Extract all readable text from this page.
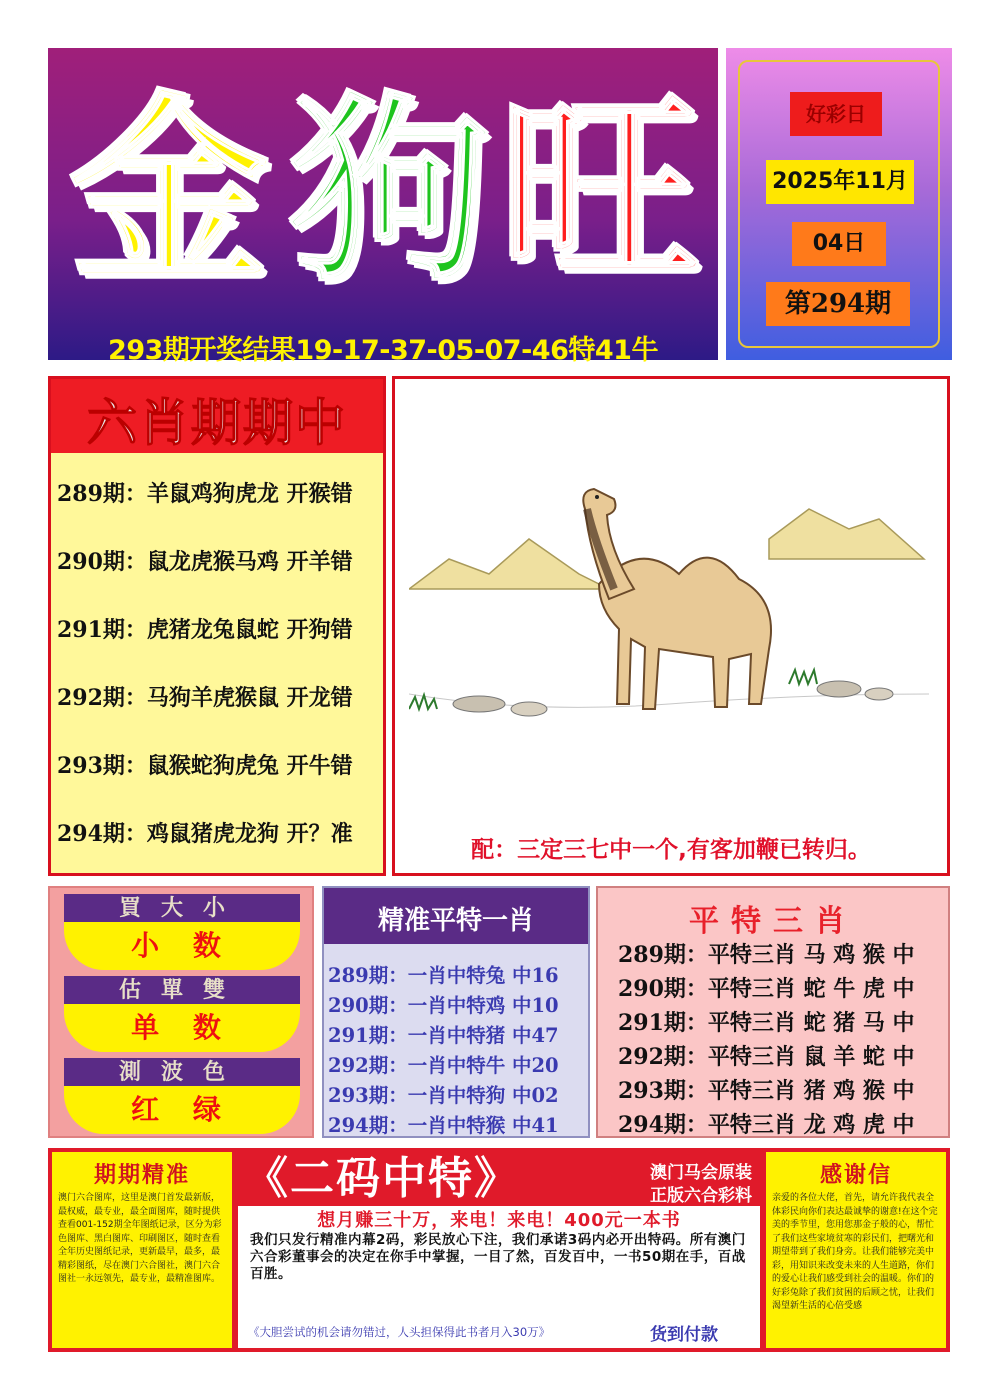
金 狗 旺
293期开奖结果19-17-37-05-07-46特41牛
好彩日
2025年11月
04日
第294期
六肖期期中
289期：羊鼠鸡狗虎龙 开猴错
290期：鼠龙虎猴马鸡 开羊错
291期：虎猪龙兔鼠蛇 开狗错
292期：马狗羊虎猴鼠 开龙错
293期：鼠猴蛇狗虎兔 开牛错
294期：鸡鼠猪虎龙狗 开？准
配：三定三七中一个,有客加鞭已转归。
買大小
小 数
估單雙
单 数
測波色
红 绿
精准平特一肖
289期：一肖中特兔 中16
290期：一肖中特鸡 中10
291期：一肖中特猪 中47
292期：一肖中特牛 中20
293期：一肖中特狗 中02
294期：一肖中特猴 中41
平特三肖
289期：平特三肖 马 鸡 猴 中
290期：平特三肖 蛇 牛 虎 中
291期：平特三肖 蛇 猪 马 中
292期：平特三肖 鼠 羊 蛇 中
293期：平特三肖 猪 鸡 猴 中
294期：平特三肖 龙 鸡 虎 中
期期精准
澳门六合图库，这里是澳门首发最新版，最权威，最专业，最全面图库，随时提供查看001-152期全年图纸记录，区分为彩色图库、黑白图库、印刷图区，随时查看全年历史图纸记录，更新最早，最多，最精彩图纸，尽在澳门六合图社，澳门六合图社一永远领先，最专业，最精准图库。
《二码中特》	澳门马会原装
正版六合彩料
想月赚三十万，来电！来电！400元一本书
我们只发行精准内幕2码，彩民放心下注，我们承诺3码内必开出特码。所有澳门六合彩董事会的决定在你手中掌握，一目了然，百发百中，一书50期在手，百战百胜。
《大胆尝试的机会请勿错过，人头担保得此书者月入30万》	货到付款
感谢信
亲爱的各位大佬，首先，请允许我代表全体彩民向你们表达最诚挚的谢意!在这个完美的季节里，您用您那金子般的心，帮忙了我们这些家境贫寒的彩民们，把曙光和期望带到了我们身旁。让我们能够完美中彩，用知识来改变未来的人生道路，你们的爱心让我们感受到社会的温暖。你们的好彩兔除了我们贫困的后顾之忧，让我们渴望新生活的心倍受感
